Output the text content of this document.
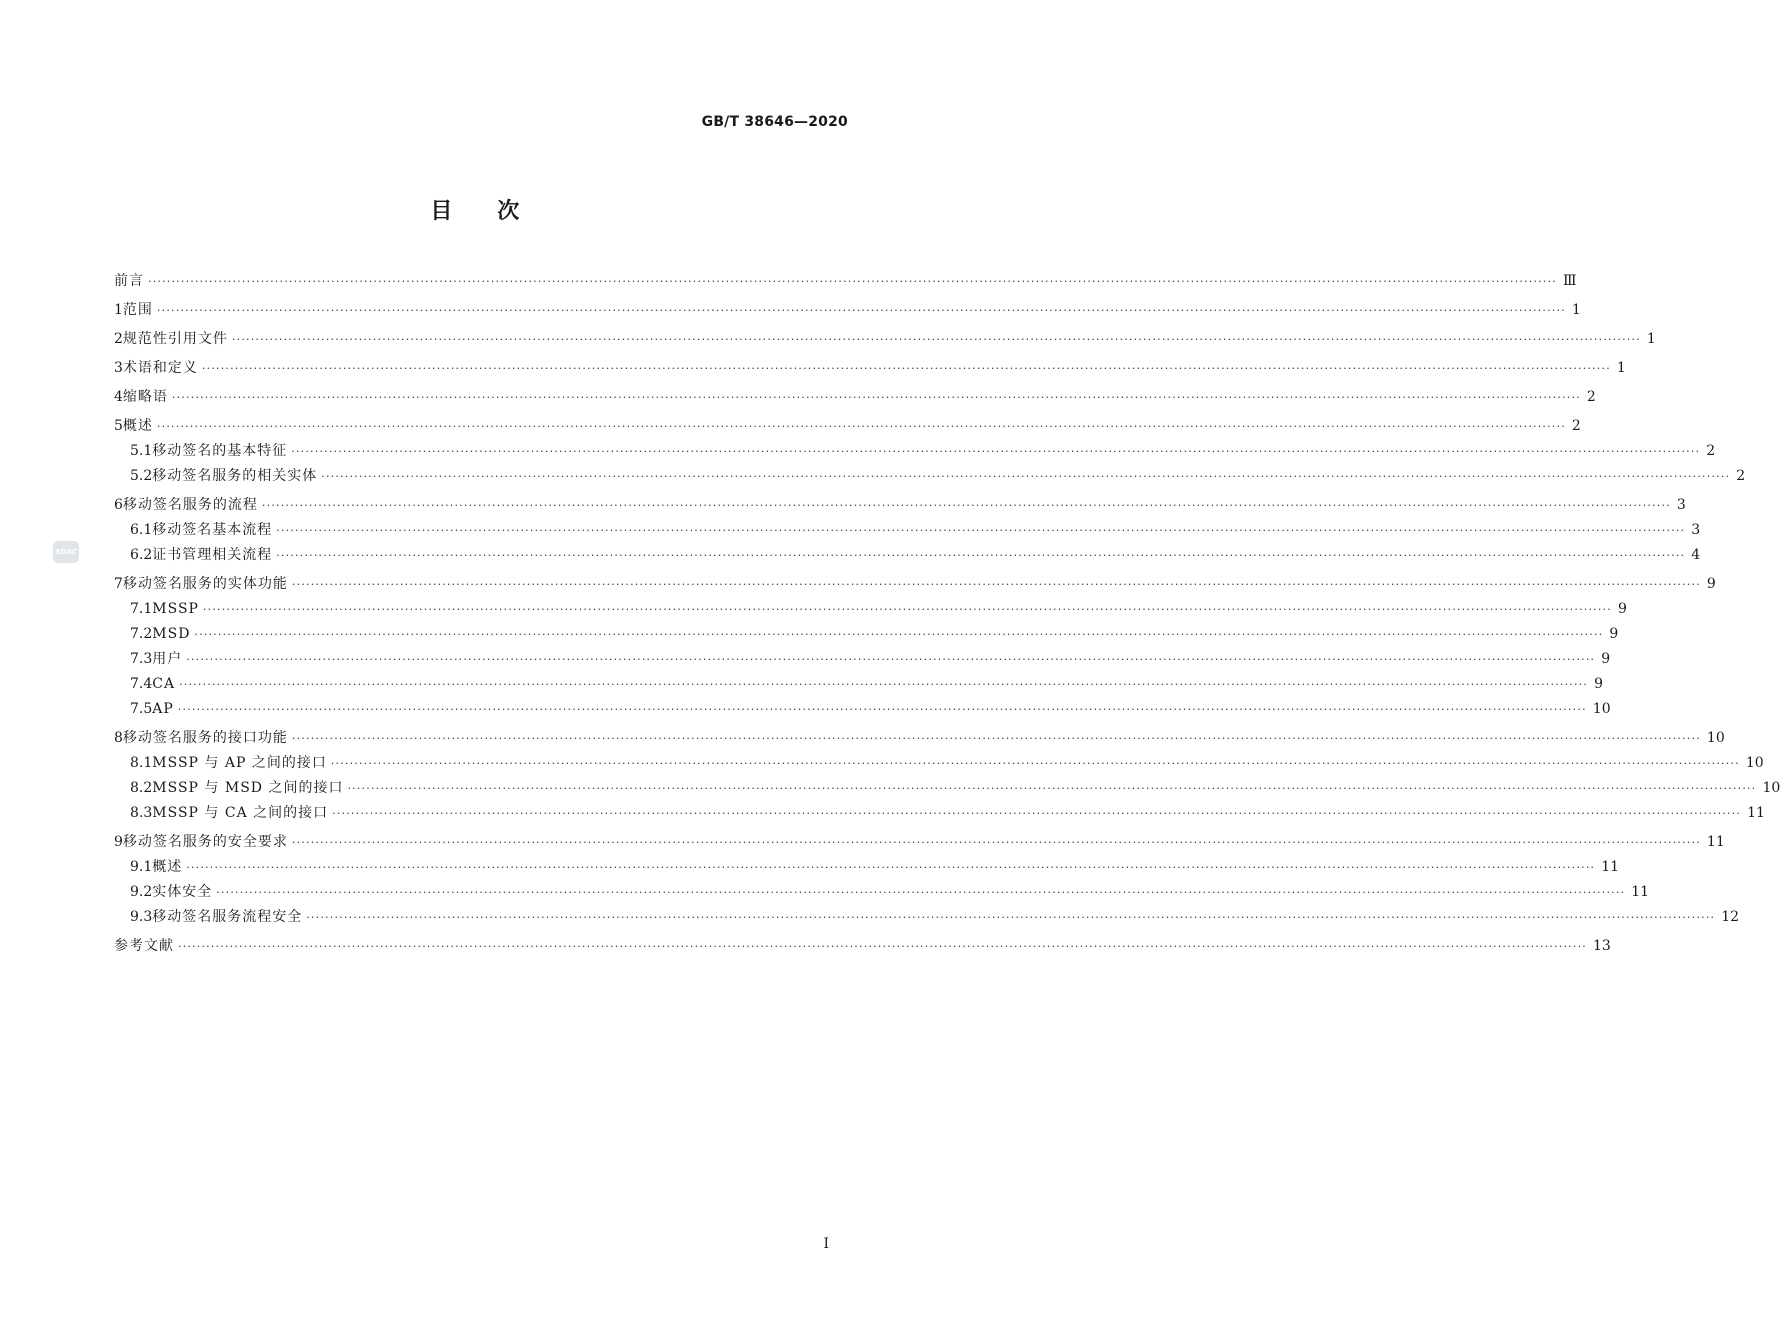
GB/T 38646—2020
目　　次
SDAC
前言 ············································································································································································································································································································ Ⅲ
1 范围 ············································································································································································································································································································ 1
2 规范性引用文件 ············································································································································································································································································································ 1
3 术语和定义 ············································································································································································································································································································ 1
4 缩略语 ············································································································································································································································································································ 2
5 概述 ············································································································································································································································································································ 2
5.1 移动签名的基本特征 ············································································································································································································································································································ 2
5.2 移动签名服务的相关实体 ············································································································································································································································································································ 2
6 移动签名服务的流程 ············································································································································································································································································································ 3
6.1 移动签名基本流程 ············································································································································································································································································································ 3
6.2 证书管理相关流程 ············································································································································································································································································································ 4
7 移动签名服务的实体功能 ············································································································································································································································································································ 9
7.1 MSSP ············································································································································································································································································································ 9
7.2 MSD ············································································································································································································································································································ 9
7.3 用户 ············································································································································································································································································································ 9
7.4 CA ············································································································································································································································································································ 9
7.5 AP ············································································································································································································································································································ 10
8 移动签名服务的接口功能 ············································································································································································································································································································ 10
8.1 MSSP 与 AP 之间的接口 ············································································································································································································································································································ 10
8.2 MSSP 与 MSD 之间的接口 ············································································································································································································································································································ 10
8.3 MSSP 与 CA 之间的接口 ············································································································································································································································································································ 11
9 移动签名服务的安全要求 ············································································································································································································································································································ 11
9.1 概述 ············································································································································································································································································································ 11
9.2 实体安全 ············································································································································································································································································································ 11
9.3 移动签名服务流程安全 ············································································································································································································································································································ 12
参考文献 ············································································································································································································································································································ 13
Ⅰ
